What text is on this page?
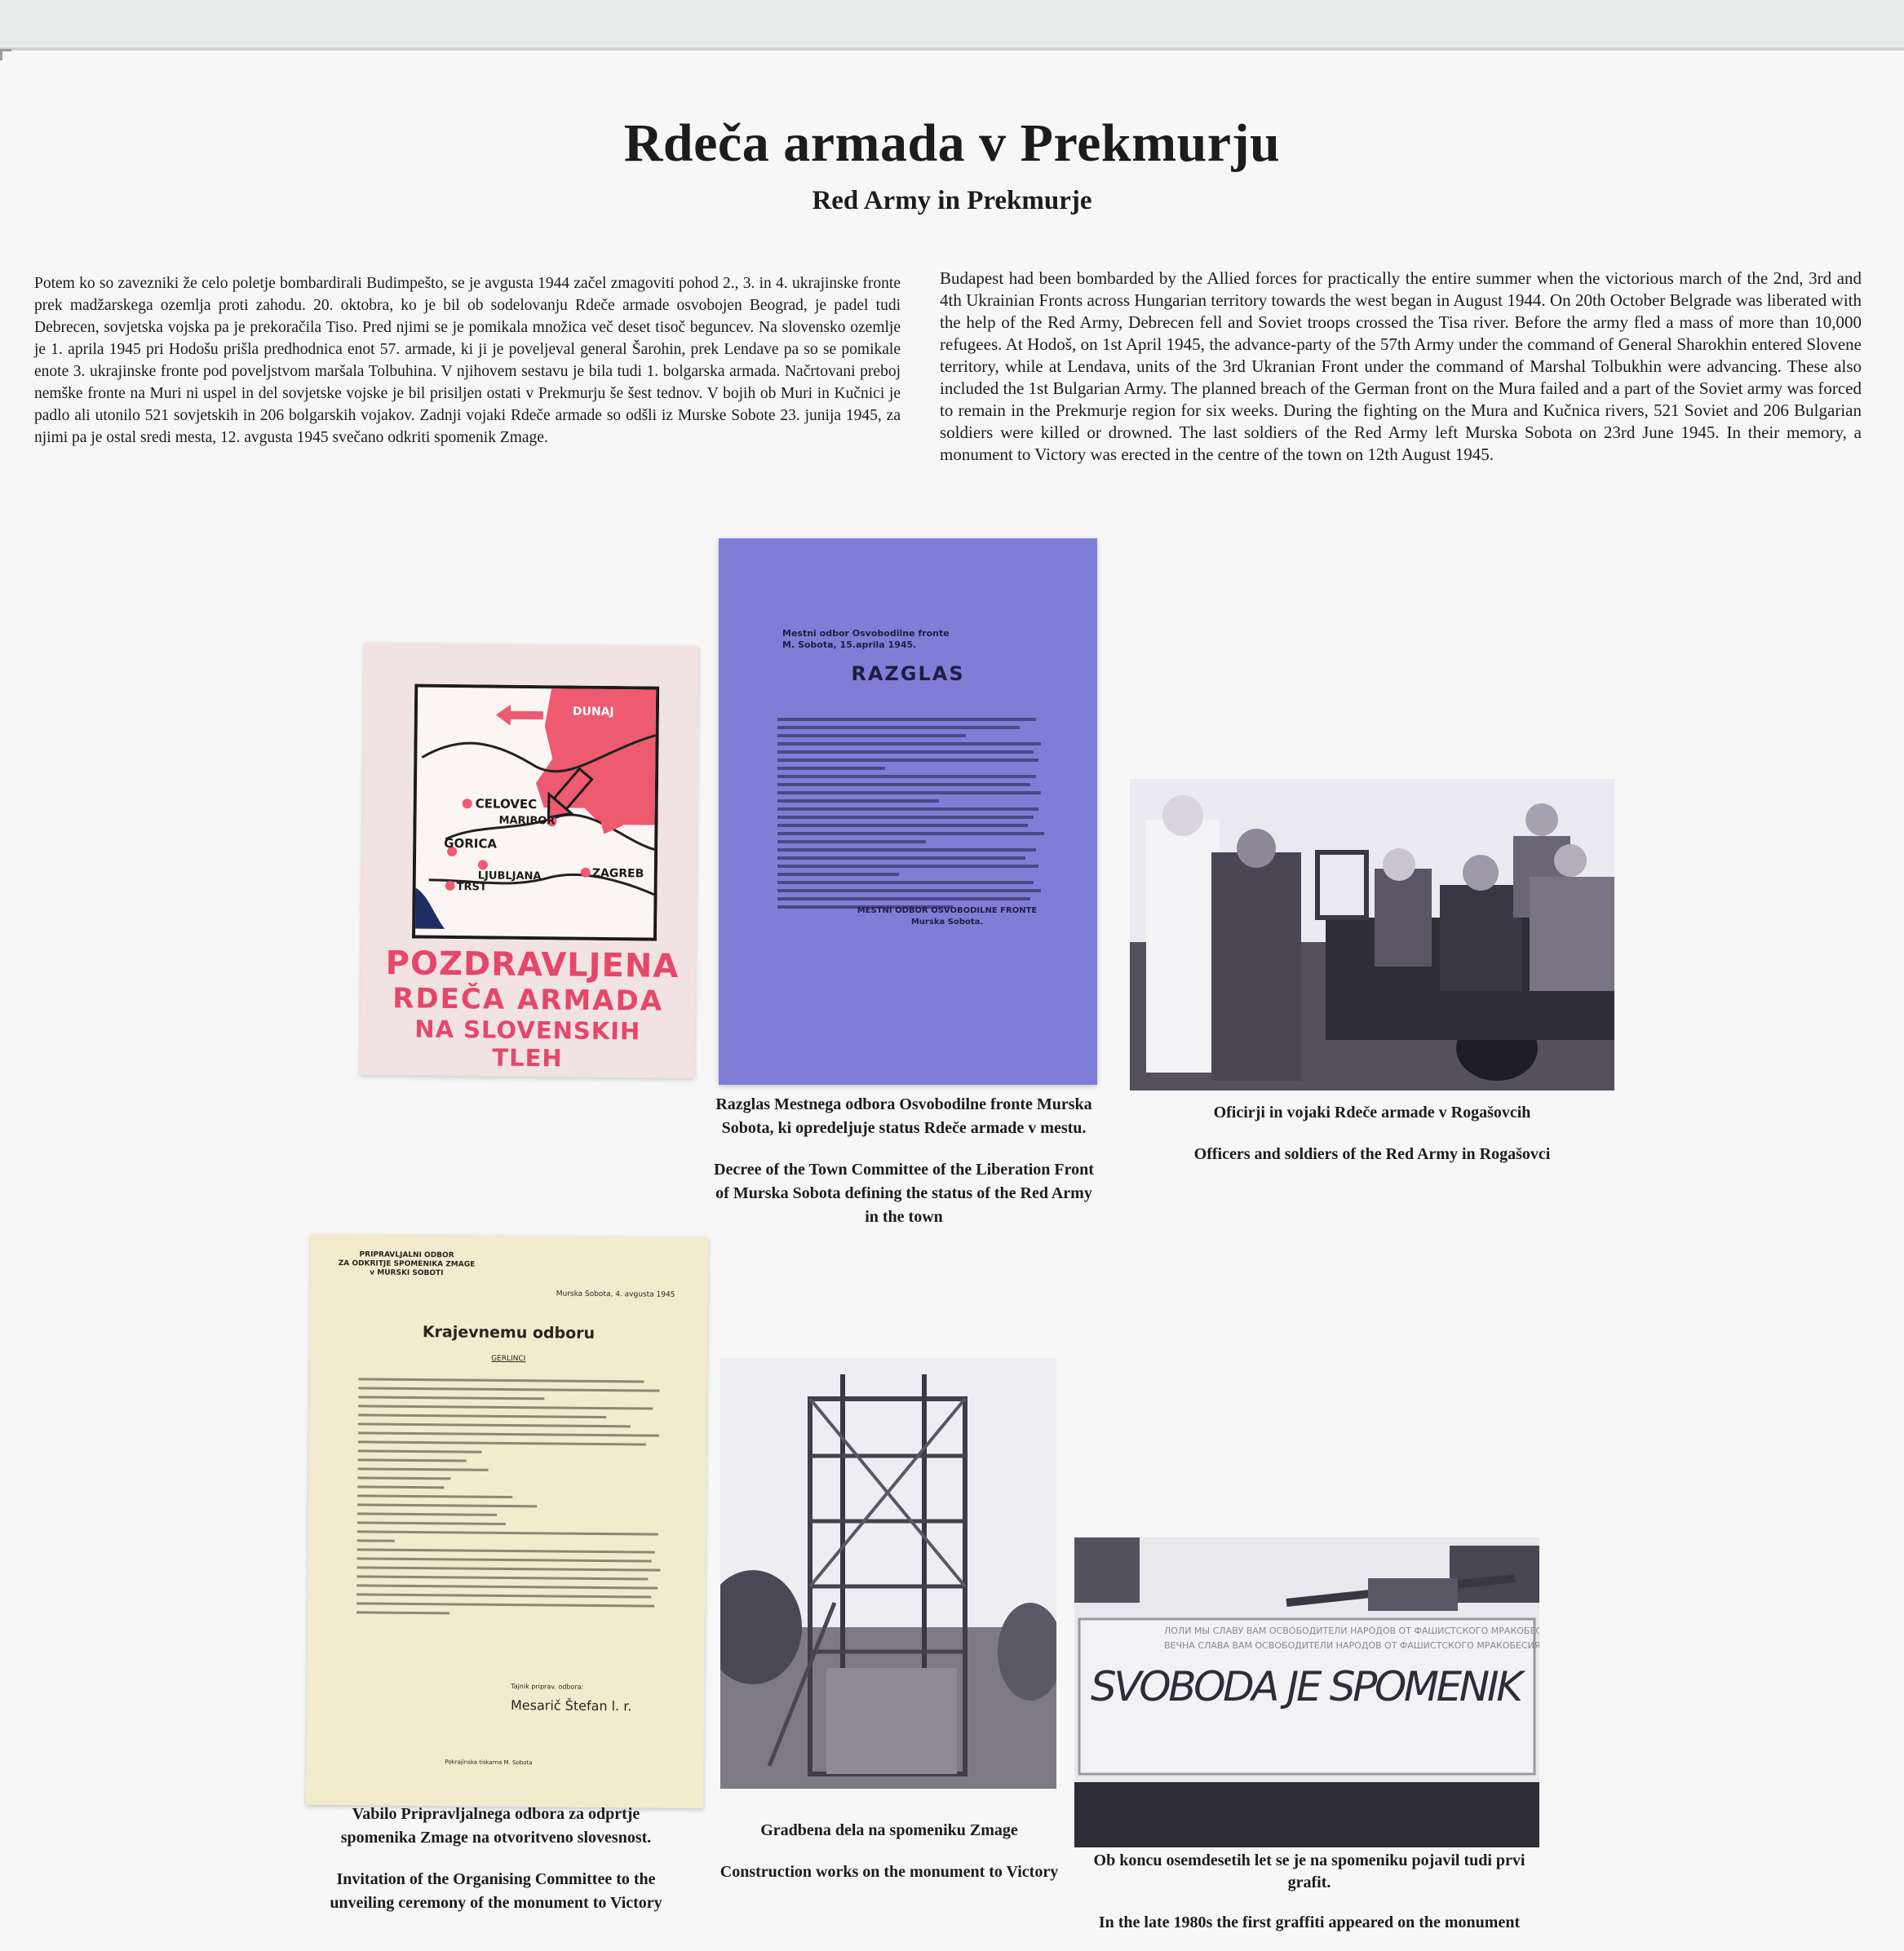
Rdeča armada v Prekmurju
Red Army in Prekmurje
Potem ko so zavezniki že celo poletje bombardirali Budimpešto, se je avgusta 1944 začel zmagoviti pohod 2., 3. in 4. ukrajinske fronte prek madžarskega ozemlja proti zahodu. 20. oktobra, ko je bil ob sodelovanju Rdeče armade osvobojen Beograd, je padel tudi Debrecen, sovjetska vojska pa je prekoračila Tiso. Pred njimi se je pomikala množica več deset tisoč beguncev. Na slovensko ozemlje je 1. aprila 1945 pri Hodošu prišla predhodnica enot 57. armade, ki ji je poveljeval general Šarohin, prek Lendave pa so se pomikale enote 3. ukrajinske fronte pod poveljstvom maršala Tolbuhina. V njihovem sestavu je bila tudi 1. bolgarska armada. Načrtovani preboj nemške fronte na Muri ni uspel in del sovjetske vojske je bil prisiljen ostati v Prekmurju še šest tednov. V bojih ob Muri in Kučnici je padlo ali utonilo 521 sovjetskih in 206 bolgarskih vojakov. Zadnji vojaki Rdeče armade so odšli iz Murske Sobote 23. junija 1945, za njimi pa je ostal sredi mesta, 12. avgusta 1945 svečano odkriti spomenik Zmage.
Budapest had been bombarded by the Allied forces for practically the entire summer when the victorious march of the 2nd, 3rd and 4th Ukrainian Fronts across Hungarian territory towards the west began in August 1944. On 20th October Belgrade was liberated with the help of the Red Army, Debrecen fell and Soviet troops crossed the Tisa river. Before the army fled a mass of more than 10,000 refugees. At Hodoš, on 1st April 1945, the advance-party of the 57th Army under the command of General Sharokhin entered Slovene territory, while at Lendava, units of the 3rd Ukranian Front under the command of Marshal Tolbukhin were advancing. These also included the 1st Bulgarian Army. The planned breach of the German front on the Mura failed and a part of the Soviet army was forced to remain in the Prekmurje region for six weeks. During the fighting on the Mura and Kučnica rivers, 521 Soviet and 206 Bulgarian soldiers were killed or drowned. The last soldiers of the Red Army left Murska Sobota on 23rd June 1945. In their memory, a monument to Victory was erected in the centre of the town on 12th August 1945.
DUNAJ
CELOVEC
MARIBOR
GORICA
LJUBLJANA	ZAGREB
TRST
POZDRAVLJENA
RDEČA ARMADA
NA SLOVENSKIH TLEH
Mestni odbor Osvobodilne fronte
M. Sobota, 15.aprila 1945.
RAZGLAS
MESTNI ODBOR OSVOBODILNE FRONTE
Murska Sobota.

Razglas Mestnega odbora Osvobodilne fronte Murska Sobota, ki opredeljuje status Rdeče armade v mestu.

Decree of the Town Committee of the Liberation Front of Murska Sobota defining the status of the Red Army in the town

Oficirji in vojaki Rdeče armade v Rogašovcih

Officers and soldiers of the Red Army in Rogašovci

PRIPRAVLJALNI ODBOR
ZA ODKRITJE SPOMENIKA ZMAGE
v MURSKI SOBOTI
Murska Sobota, 4. avgusta 1945
Krajevnemu odboru
GERLINCI
Tajnik priprav. odbora:
Mesarič Štefan l. r.
Pokrajinska tiskarna M. Sobota

Vabilo Pripravljalnega odbora za odprtje spomenika Zmage na otvoritveno slovesnost.

Invitation of the Organising Committee to the unveiling ceremony of the monument to Victory

Gradbena dela na spomeniku Zmage

Construction works on the monument to Victory

ЛОЛИ МЫ СЛАВУ ВАМ ОСВОБОДИТЕЛИ НАРОДОВ ОТ ФАШИСТСКОГО МРАКОБЕСИЯ
ВЕЧНА СЛАВА ВАМ ОСВОБОДИТЕЛИ НАРОДОВ ОТ ФАШИСТСКОГО МРАКОБЕСИЯ
SVOBODA JE SPOMENIK

Ob koncu osemdesetih let se je na spomeniku pojavil tudi prvi grafit.

In the late 1980s the first graffiti appeared on the monument
